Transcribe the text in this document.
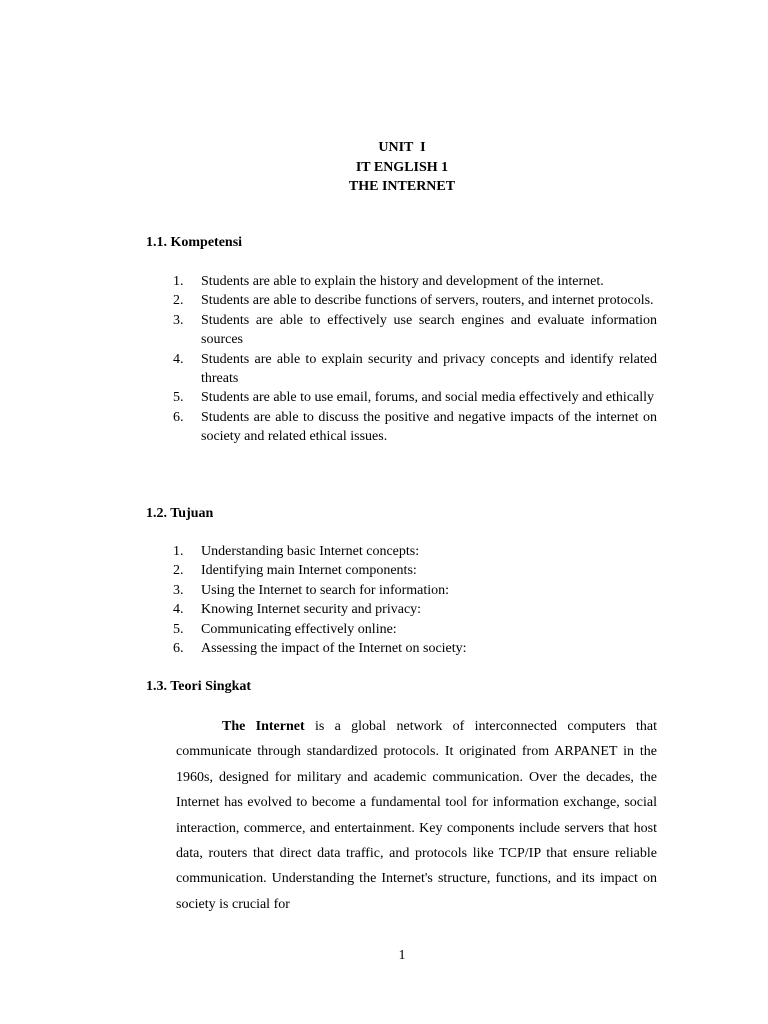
UNIT  I
IT ENGLISH 1
THE INTERNET
1.1. Kompetensi
1. Students are able to explain the history and development of the internet.
2. Students are able to describe functions of servers, routers, and internet protocols.
3. Students are able to effectively use search engines and evaluate information sources
4. Students are able to explain security and privacy concepts and identify related threats
5. Students are able to use email, forums, and social media effectively and ethically
6. Students are able to discuss the positive and negative impacts of the internet on society and related ethical issues.
1.2. Tujuan
1. Understanding basic Internet concepts:
2. Identifying main Internet components:
3. Using the Internet to search for information:
4. Knowing Internet security and privacy:
5. Communicating effectively online:
6. Assessing the impact of the Internet on society:
1.3. Teori Singkat

The Internet is a global network of interconnected computers that communicate through standardized protocols. It originated from ARPANET in the 1960s, designed for military and academic communication. Over the decades, the Internet has evolved to become a fundamental tool for information exchange, social interaction, commerce, and entertainment. Key components include servers that host data, routers that direct data traffic, and protocols like TCP/IP that ensure reliable communication. Understanding the Internet's structure, functions, and its impact on society is crucial for

1
